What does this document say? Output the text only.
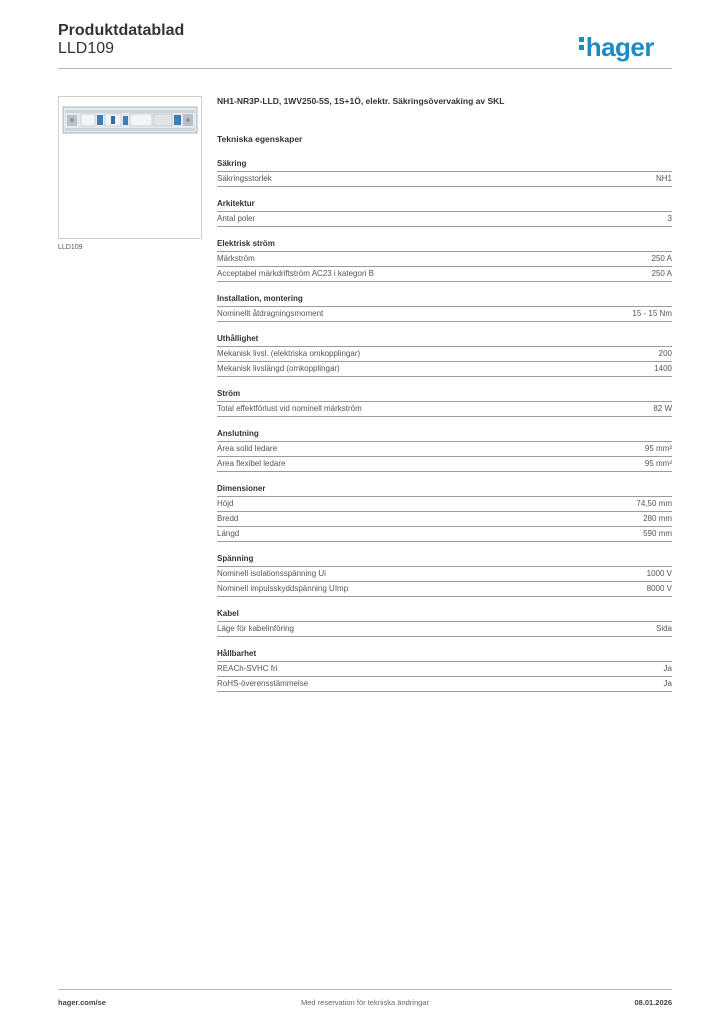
Produktdatablad
LLD109	hager
LLD109
NH1-NR3P-LLD, 1WV250-5S, 1S+1Ö, elektr. Säkringsövervaking av SKL
Tekniska egenskaper
Säkring
Säkringsstorlek	NH1
Arkitektur
Antal poler	3
Elektrisk ström
Märkström	250 A
Acceptabel märkdriftström AC23 i kategori B	250 A
Installation, montering
Nominellt åtdragningsmoment	15 - 15 Nm
Uthållighet
Mekanisk livsl. (elektriska omkopplingar)	200
Mekanisk livslängd (omkopplingar)	1400
Ström
Total effektförlust vid nominell märkström	82 W
Anslutning
Area solid ledare	95 mm²
Area flexibel ledare	95 mm²
Dimensioner
Höjd	74,50 mm
Bredd	280 mm
Längd	590 mm
Spänning
Nominell isolationsspänning Ui	1000 V
Nominell impulsskyddspänning UImp	8000 V
Kabel
Läge för kabelinföring	Sida
Hållbarhet
REACh-SVHC fri	Ja
RoHS-överensstämmelse	Ja
hager.com/se	Med reservation för tekniska ändringar	08.01.2026
